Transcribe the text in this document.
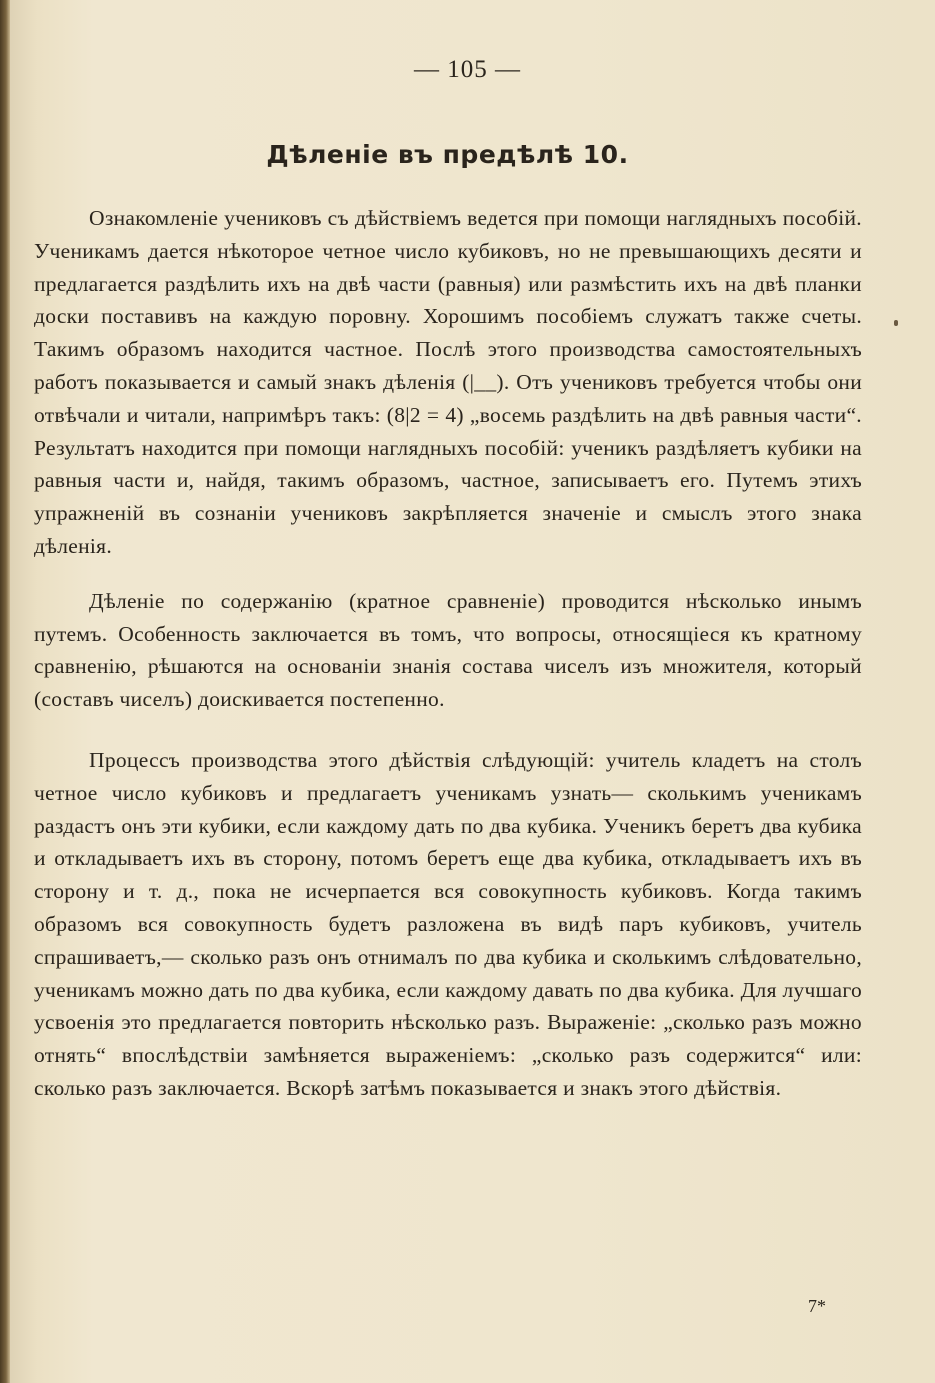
— 105 —
Дѣленіе въ предѣлѣ 10.

Ознакомленіе учениковъ съ дѣйствіемъ ведется при помощи наглядныхъ пособій. Ученикамъ дается нѣкоторое четное число кубиковъ, но не превышающихъ десяти и предлагается раздѣлить ихъ на двѣ части (равныя) или размѣстить ихъ на двѣ планки доски поставивъ на каждую поровну. Хорошимъ пособіемъ служатъ также счеты. Такимъ образомъ находится частное. Послѣ этого производства самостоятельныхъ работъ показывается и самый знакъ дѣленія (|__). Отъ учениковъ требуется чтобы они отвѣчали и читали, напримѣръ такъ: (8|2 = 4) „восемь раздѣлить на двѣ равныя части“. Результатъ находится при помощи наглядныхъ пособій: ученикъ раздѣляетъ кубики на равныя части и, найдя, такимъ образомъ, частное, записываетъ его. Путемъ этихъ упражненій въ сознаніи учениковъ закрѣпляется значеніе и смыслъ этого знака дѣленія.

Дѣленіе по содержанію (кратное сравненіе) проводится нѣсколько инымъ путемъ. Особенность заключается въ томъ, что вопросы, относящіеся къ кратному сравненію, рѣшаются на основаніи знанія состава чиселъ изъ множителя, который (составъ чиселъ) доискивается постепенно.

Процессъ производства этого дѣйствія слѣдующій: учитель кладетъ на столъ четное число кубиковъ и предлагаетъ ученикамъ узнать— сколькимъ ученикамъ раздастъ онъ эти кубики, если каждому дать по два кубика. Ученикъ беретъ два кубика и откладываетъ ихъ въ сторону, потомъ беретъ еще два кубика, откладываетъ ихъ въ сторону и т. д., пока не исчерпается вся совокупность кубиковъ. Когда такимъ образомъ вся совокупность будетъ разложена въ видѣ паръ кубиковъ, учитель спрашиваетъ,— сколько разъ онъ отнималъ по два кубика и сколькимъ слѣдовательно, ученикамъ можно дать по два кубика, если каждому давать по два кубика. Для лучшаго усвоенія это предлагается повторить нѣсколько разъ. Выраженіе: „сколько разъ можно отнять“ впослѣдствіи замѣняется выраженіемъ: „сколько разъ содержится“ или: сколько разъ заключается. Вскорѣ затѣмъ показывается и знакъ этого дѣйствія.

7*
